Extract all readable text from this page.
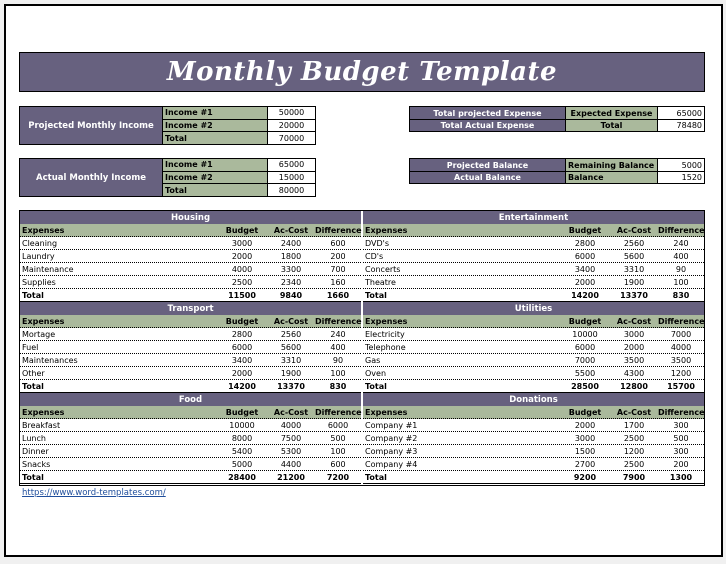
Monthly Budget Template
Projected Monthly Income
Income #1	50000
Income #2	20000
Total	70000
Actual Monthly Income
Income #1	65000
Income #2	15000
Total	80000
Total projected Expense	Expected Expense	65000
Total Actual Expense	Total	78480
Projected Balance	Remaining Balance	5000
Actual Balance	Balance	1520
Housing
Expenses	Budget	Ac-Cost Difference
Cleaning	3000	2400	600
Laundry	2000	1800	200
Maintenance	4000	3300	700
Supplies	2500	2340	160
Total	11500	9840	1660
Transport
Expenses	Budget	Ac-Cost Difference
Mortage	2800	2560	240
Fuel	6000	5600	400
Maintenances	3400	3310	90
Other	2000	1900	100
Total	14200	13370	830
Food
Expenses	Budget	Ac-Cost Difference
Breakfast	10000	4000	6000
Lunch	8000	7500	500
Dinner	5400	5300	100
Snacks	5000	4400	600
Total	28400	21200	7200
Entertainment
Expenses	Budget	Ac-Cost Difference
DVD's	2800	2560	240
CD's	6000	5600	400
Concerts	3400	3310	90
Theatre	2000	1900	100
Total	14200	13370	830
Utilities
Expenses	Budget	Ac-Cost Difference
Electricity	10000	3000	7000
Telephone	6000	2000	4000
Gas	7000	3500	3500
Oven	5500	4300	1200
Total	28500	12800	15700
Donations
Expenses	Budget	Ac-Cost Difference
Company #1	2000	1700	300
Company #2	3000	2500	500
Company #3	1500	1200	300
Company #4	2700	2500	200
Total	9200	7900	1300
https://www.word-templates.com/
